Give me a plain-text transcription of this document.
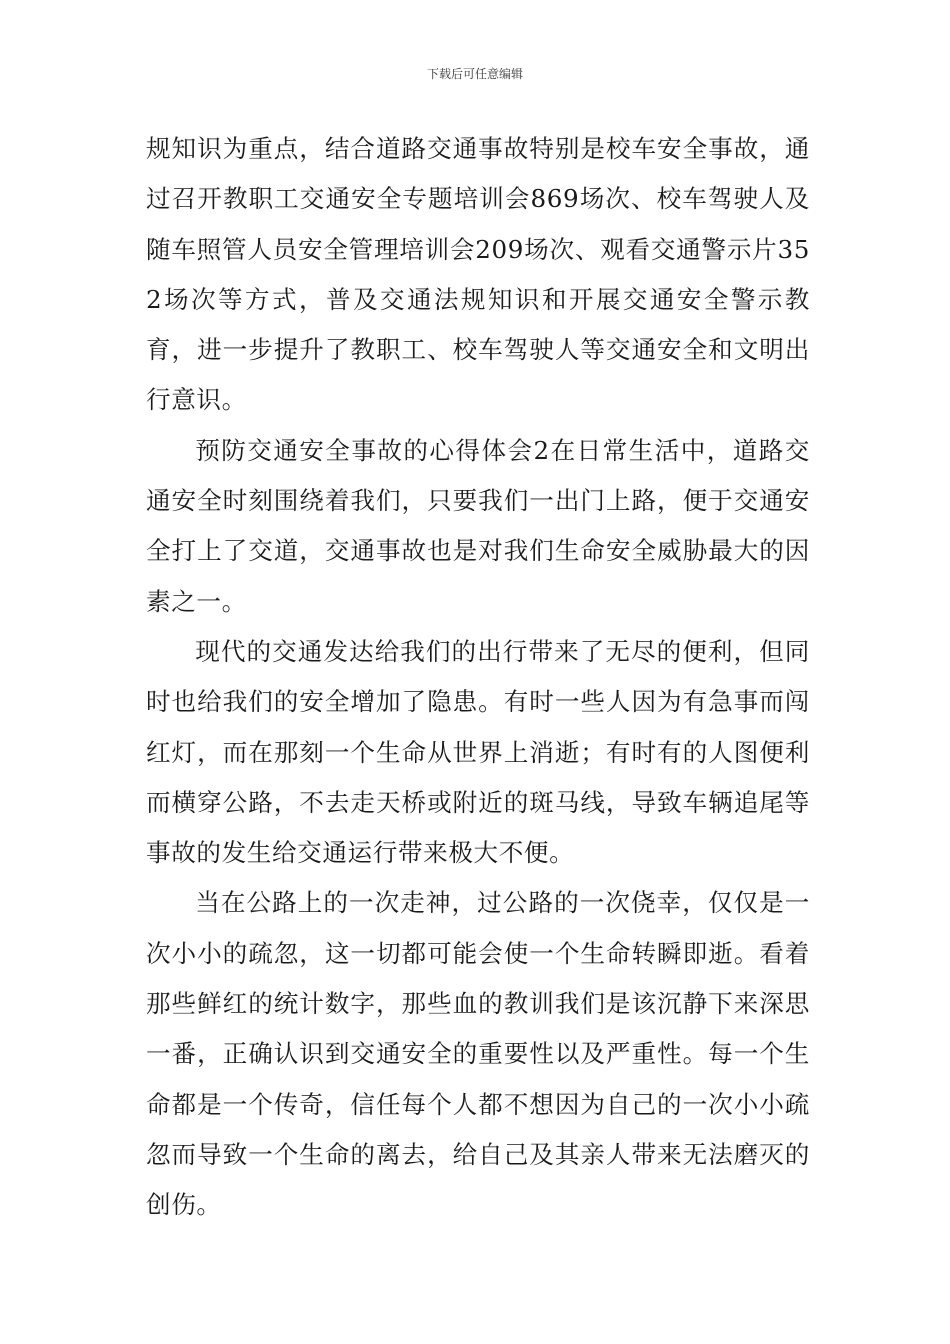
下载后可任意编辑

规知识为重点，结合道路交通事故特别是校车安全事故，通过召开教职工交通安全专题培训会869场次、校车驾驶人及随车照管人员安全管理培训会209场次、观看交通警示片352场次等方式，普及交通法规知识和开展交通安全警示教育，进一步提升了教职工、校车驾驶人等交通安全和文明出行意识。

预防交通安全事故的心得体会2在日常生活中，道路交通安全时刻围绕着我们，只要我们一出门上路，便于交通安全打上了交道，交通事故也是对我们生命安全威胁最大的因素之一。

现代的交通发达给我们的出行带来了无尽的便利，但同时也给我们的安全增加了隐患。有时一些人因为有急事而闯红灯，而在那刻一个生命从世界上消逝；有时有的人图便利而横穿公路，不去走天桥或附近的斑马线，导致车辆追尾等事故的发生给交通运行带来极大不便。

当在公路上的一次走神，过公路的一次侥幸，仅仅是一次小小的疏忽，这一切都可能会使一个生命转瞬即逝。看着那些鲜红的统计数字，那些血的教训我们是该沉静下来深思一番，正确认识到交通安全的重要性以及严重性。每一个生命都是一个传奇，信任每个人都不想因为自己的一次小小疏忽而导致一个生命的离去，给自己及其亲人带来无法磨灭的创伤。
